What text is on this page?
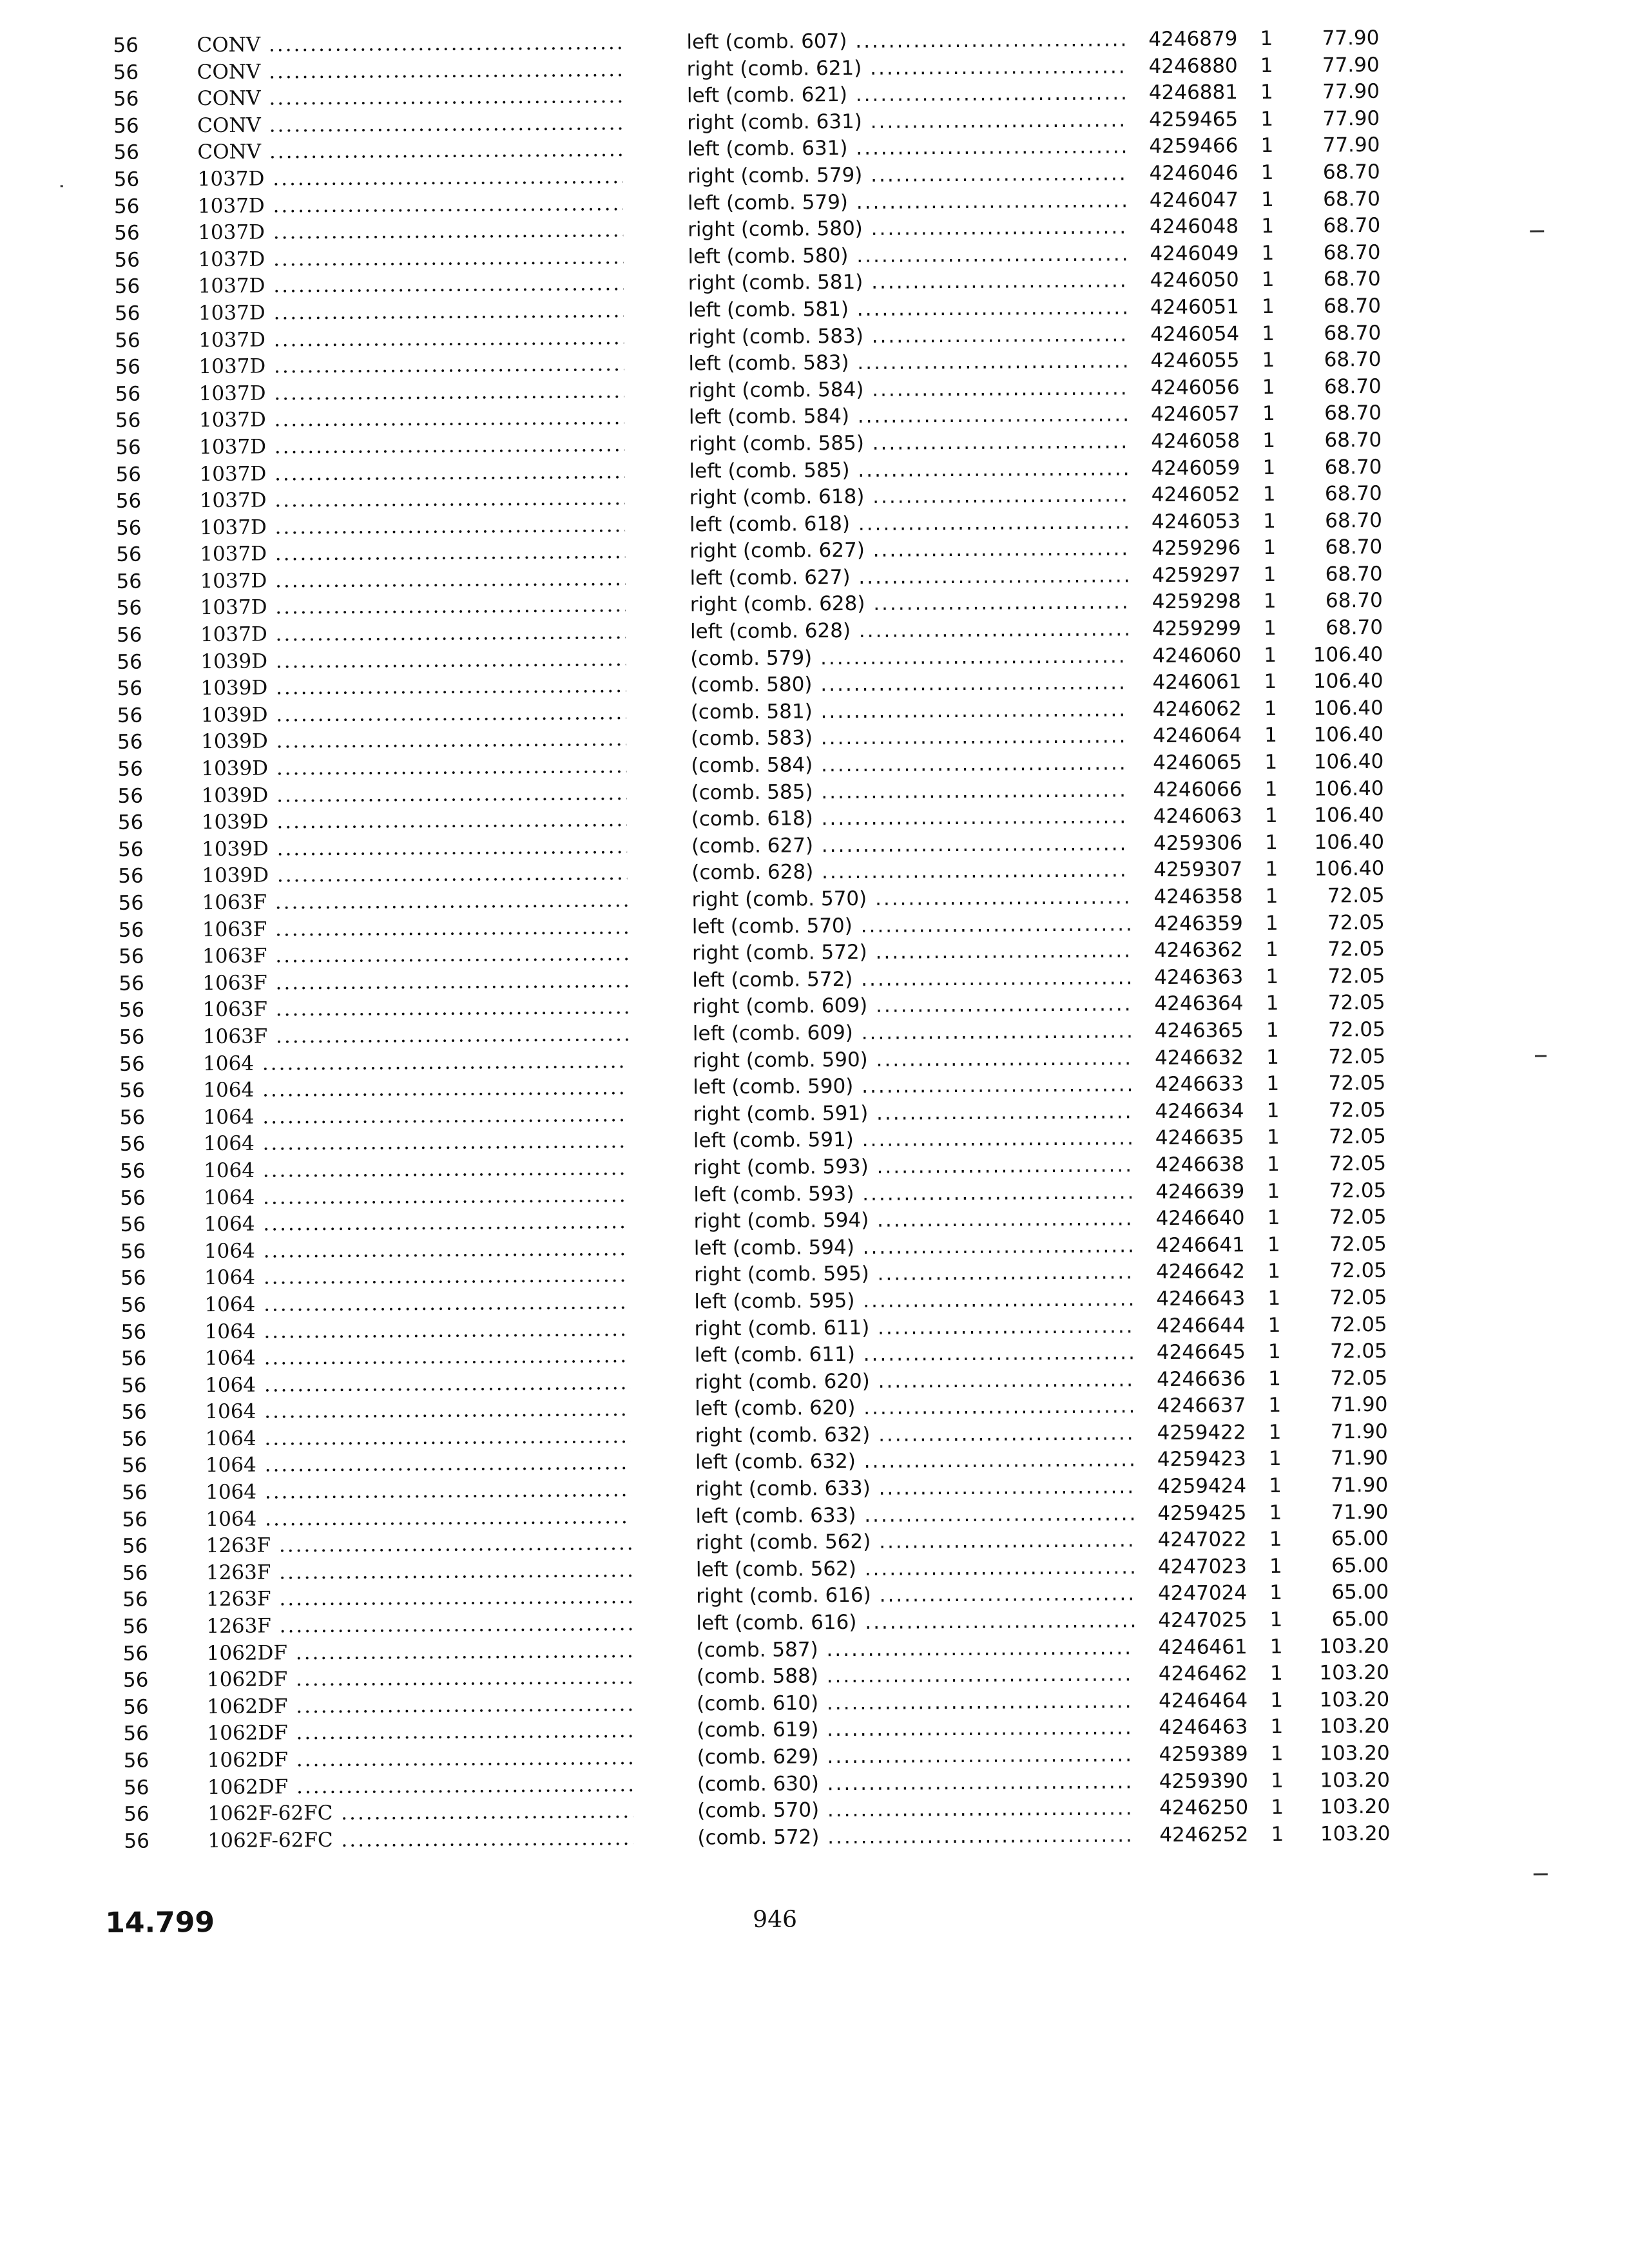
56	CONV .....	left (comb. 607) .....	4246879 1	77.90
56	CONV .....	right (comb. 621) .....	4246880 1	77.90
56	CONV .....	left (comb. 621) .....	4246881 1	77.90
56	CONV .....	right (comb. 631) .....	4259465 1	77.90
56	CONV .....	left (comb. 631) .....	4259466 1	77.90
56	1037D .....	right (comb. 579) .....	4246046 1	68.70
56	1037D .....	left (comb. 579) .....	4246047 1	68.70
56	1037D .....	right (comb. 580) .....	4246048 1	68.70
56	1037D .....	left (comb. 580) .....	4246049 1	68.70
56	1037D .....	right (comb. 581) .....	4246050 1	68.70
56	1037D .....	left (comb. 581) .....	4246051 1	68.70
56	1037D .....	right (comb. 583) .....	4246054 1	68.70
56	1037D .....	left (comb. 583) .....	4246055 1	68.70
56	1037D .....	right (comb. 584) .....	4246056 1	68.70
56	1037D .....	left (comb. 584) .....	4246057 1	68.70
56	1037D .....	right (comb. 585) .....	4246058 1	68.70
56	1037D .....	left (comb. 585) .....	4246059 1	68.70
56	1037D .....	right (comb. 618) .....	4246052 1	68.70
56	1037D .....	left (comb. 618) .....	4246053 1	68.70
56	1037D .....	right (comb. 627) .....	4259296 1	68.70
56	1037D .....	left (comb. 627) .....	4259297 1	68.70
56	1037D .....	right (comb. 628) .....	4259298 1	68.70
56	1037D .....	left (comb. 628) .....	4259299 1	68.70
56	1039D .....	(comb. 579) .....	4246060 1	106.40
56	1039D .....	(comb. 580) .....	4246061 1	106.40
56	1039D .....	(comb. 581) .....	4246062 1	106.40
56	1039D .....	(comb. 583) .....	4246064 1	106.40
56	1039D .....	(comb. 584) .....	4246065 1	106.40
56	1039D .....	(comb. 585) .....	4246066 1	106.40
56	1039D .....	(comb. 618) .....	4246063 1	106.40
56	1039D .....	(comb. 627) .....	4259306 1	106.40
56	1039D .....	(comb. 628) .....	4259307 1	106.40
56	1063F .....	right (comb. 570) .....	4246358 1	72.05
56	1063F .....	left (comb. 570) .....	4246359 1	72.05
56	1063F .....	right (comb. 572) .....	4246362 1	72.05
56	1063F .....	left (comb. 572) .....	4246363 1	72.05
56	1063F .....	right (comb. 609) .....	4246364 1	72.05
56	1063F .....	left (comb. 609) .....	4246365 1	72.05
56	1064 .....	right (comb. 590) .....	4246632 1	72.05
56	1064 .....	left (comb. 590) .....	4246633 1	72.05
56	1064 .....	right (comb. 591) .....	4246634 1	72.05
56	1064 .....	left (comb. 591) .....	4246635 1	72.05
56	1064 .....	right (comb. 593) .....	4246638 1	72.05
56	1064 .....	left (comb. 593) .....	4246639 1	72.05
56	1064 .....	right (comb. 594) .....	4246640 1	72.05
56	1064 .....	left (comb. 594) .....	4246641 1	72.05
56	1064 .....	right (comb. 595) .....	4246642 1	72.05
56	1064 .....	left (comb. 595) .....	4246643 1	72.05
56	1064 .....	right (comb. 611) .....	4246644 1	72.05
56	1064 .....	left (comb. 611) .....	4246645 1	72.05
56	1064 .....	right (comb. 620) .....	4246636 1	72.05
56	1064 .....	left (comb. 620) .....	4246637 1	71.90
56	1064 .....	right (comb. 632) .....	4259422 1	71.90
56	1064 .....	left (comb. 632) .....	4259423 1	71.90
56	1064 .....	right (comb. 633) .....	4259424 1	71.90
56	1064 .....	left (comb. 633) .....	4259425 1	71.90
56	1263F .....	right (comb. 562) .....	4247022 1	65.00
56	1263F .....	left (comb. 562) .....	4247023 1	65.00
56	1263F .....	right (comb. 616) .....	4247024 1	65.00
56	1263F .....	left (comb. 616) .....	4247025 1	65.00
56	1062DF .....	(comb. 587) .....	4246461 1	103.20
56	1062DF .....	(comb. 588) .....	4246462 1	103.20
56	1062DF .....	(comb. 610) .....	4246464 1	103.20
56	1062DF .....	(comb. 619) .....	4246463 1	103.20
56	1062DF .....	(comb. 629) .....	4259389 1	103.20
56	1062DF .....	(comb. 630) .....	4259390 1	103.20
56	1062F-62FC .....	(comb. 570) .....	4246250 1	103.20
56	1062F-62FC .....	(comb. 572) .....	4246252 1	103.20
14.799	946
